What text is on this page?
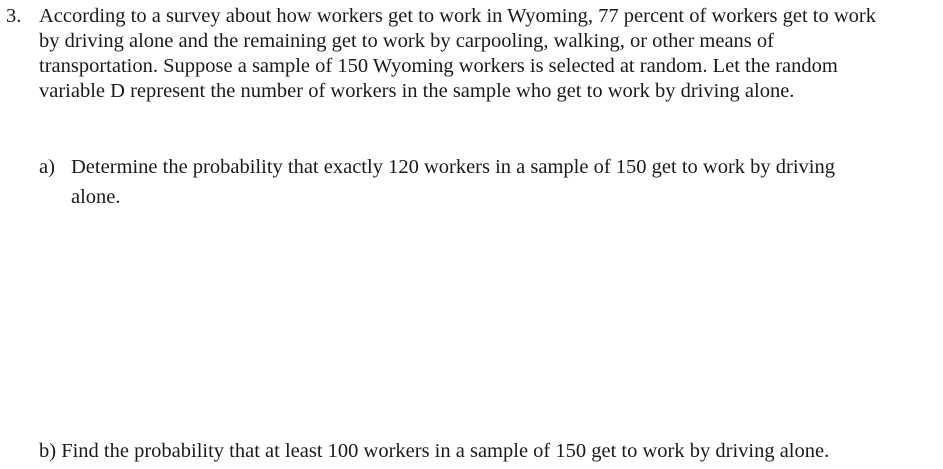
3. According to a survey about how workers get to work in Wyoming, 77 percent of workers get to work
by driving alone and the remaining get to work by carpooling, walking, or other means of
transportation. Suppose a sample of 150 Wyoming workers is selected at random. Let the random
variable D represent the number of workers in the sample who get to work by driving alone.
a) Determine the probability that exactly 120 workers in a sample of 150 get to work by driving
alone.
b) Find the probability that at least 100 workers in a sample of 150 get to work by driving alone.
